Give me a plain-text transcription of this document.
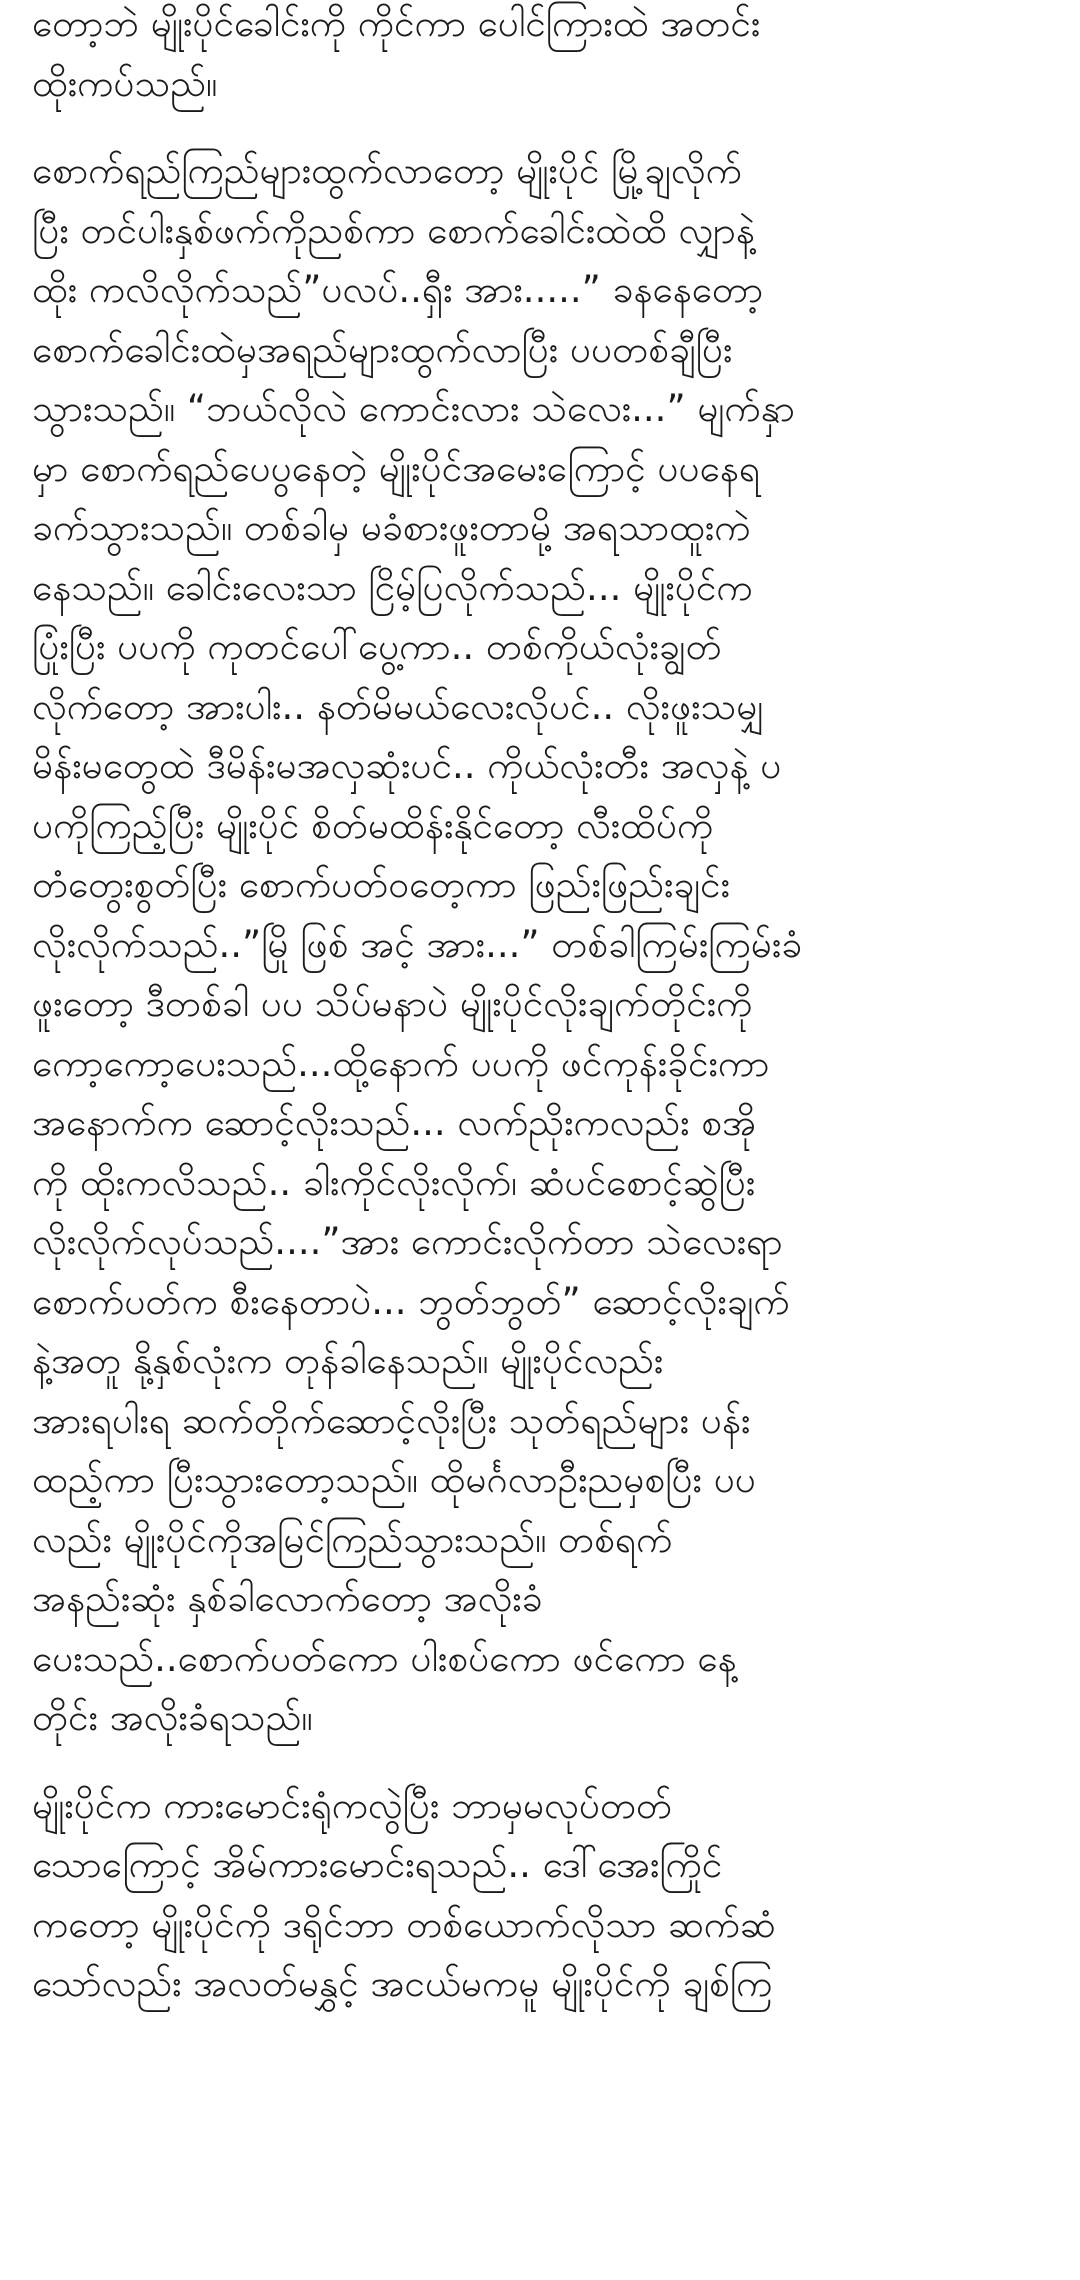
တော့ဘဲ မျိုးပိုင်ခေါင်းကို ကိုင်ကာ ပေါင်ကြားထဲ အတင်း
ထိုးကပ်သည်။
စောက်ရည်ကြည်များထွက်လာတော့ မျိုးပိုင် မြို့ချလိုက်
ပြီး တင်ပါးနှစ်ဖက်ကိုညစ်ကာ စောက်ခေါင်းထဲထိ လျှာနဲ့
ထိုး ကလိလိုက်သည်”ပလပ်..ရှီး အား.....” ခနနေတော့
စောက်ခေါင်းထဲမှအရည်များထွက်လာပြီး ပပတစ်ချီပြီး
သွားသည်။ “ဘယ်လိုလဲ ကောင်းလား သဲလေး...” မျက်နှာ
မှာ စောက်ရည်ပေပွနေတဲ့ မျိုးပိုင်အမေးကြောင့် ပပနေရ
ခက်သွားသည်။ တစ်ခါမှ မခံစားဖူးတာမို့ အရသာထူးကဲ
နေသည်။ ခေါင်းလေးသာ ငြိမ့်ပြလိုက်သည်... မျိုးပိုင်က
ပြုံးပြီး ပပကို ကုတင်ပေါ်ပွေ့ကာ.. တစ်ကိုယ်လုံးချွတ်
လိုက်တော့ အားပါး.. နတ်မိမယ်လေးလိုပင်.. လိုးဖူးသမျှ
မိန်းမတွေထဲ ဒီမိန်းမအလှဆုံးပင်.. ကိုယ်လုံးတီး အလှနဲ့ ပ
ပကိုကြည့်ပြီး မျိုးပိုင် စိတ်မထိန်းနိုင်တော့ လီးထိပ်ကို
တံတွေးစွတ်ပြီး စောက်ပတ်ဝတေ့ကာ ဖြည်းဖြည်းချင်း
လိုးလိုက်သည်..”မြို ဖြစ် အင့် အား...” တစ်ခါကြမ်းကြမ်းခံ
ဖူးတော့ ဒီတစ်ခါ ပပ သိပ်မနာပဲ မျိုးပိုင်လိုးချက်တိုင်းကို
ကော့ကော့ပေးသည်...ထို့နောက် ပပကို ဖင်ကုန်းခိုင်းကာ
အနောက်က ဆောင့်လိုးသည်... လက်ညိုးကလည်း စအို
ကို ထိုးကလိသည်.. ခါးကိုင်လိုးလိုက်၊ ဆံပင်စောင့်ဆွဲပြီး
လိုးလိုက်လုပ်သည်....”အား ကောင်းလိုက်တာ သဲလေးရာ
စောက်ပတ်က စီးနေတာပဲ... ဘွတ်ဘွတ်” ဆောင့်လိုးချက်
နဲ့အတူ နို့နှစ်လုံးက တုန်ခါနေသည်။ မျိုးပိုင်လည်း
အားရပါးရ ဆက်တိုက်ဆောင့်လိုးပြီး သုတ်ရည်များ ပန်း
ထည့်ကာ ပြီးသွားတော့သည်။ ထိုမင်္ဂလာဦးညမှစပြီး ပပ
လည်း မျိုးပိုင်ကိုအမြင်ကြည်သွားသည်။ တစ်ရက်
အနည်းဆုံး နှစ်ခါလောက်တော့ အလိုးခံ
ပေးသည်..စောက်ပတ်ကော ပါးစပ်ကော ဖင်ကော နေ့
တိုင်း အလိုးခံရသည်။
မျိုးပိုင်က ကားမောင်းရုံကလွဲပြီး ဘာမှမလုပ်တတ်
သောကြောင့် အိမ်ကားမောင်းရသည်.. ဒေါ်အေးကြိုင်
ကတော့ မျိုးပိုင်ကို ဒရိုင်ဘာ တစ်ယောက်လိုသာ ဆက်ဆံ
သော်လည်း အလတ်မနွှင့် အငယ်မကမူ မျိုးပိုင်ကို ချစ်ကြ
